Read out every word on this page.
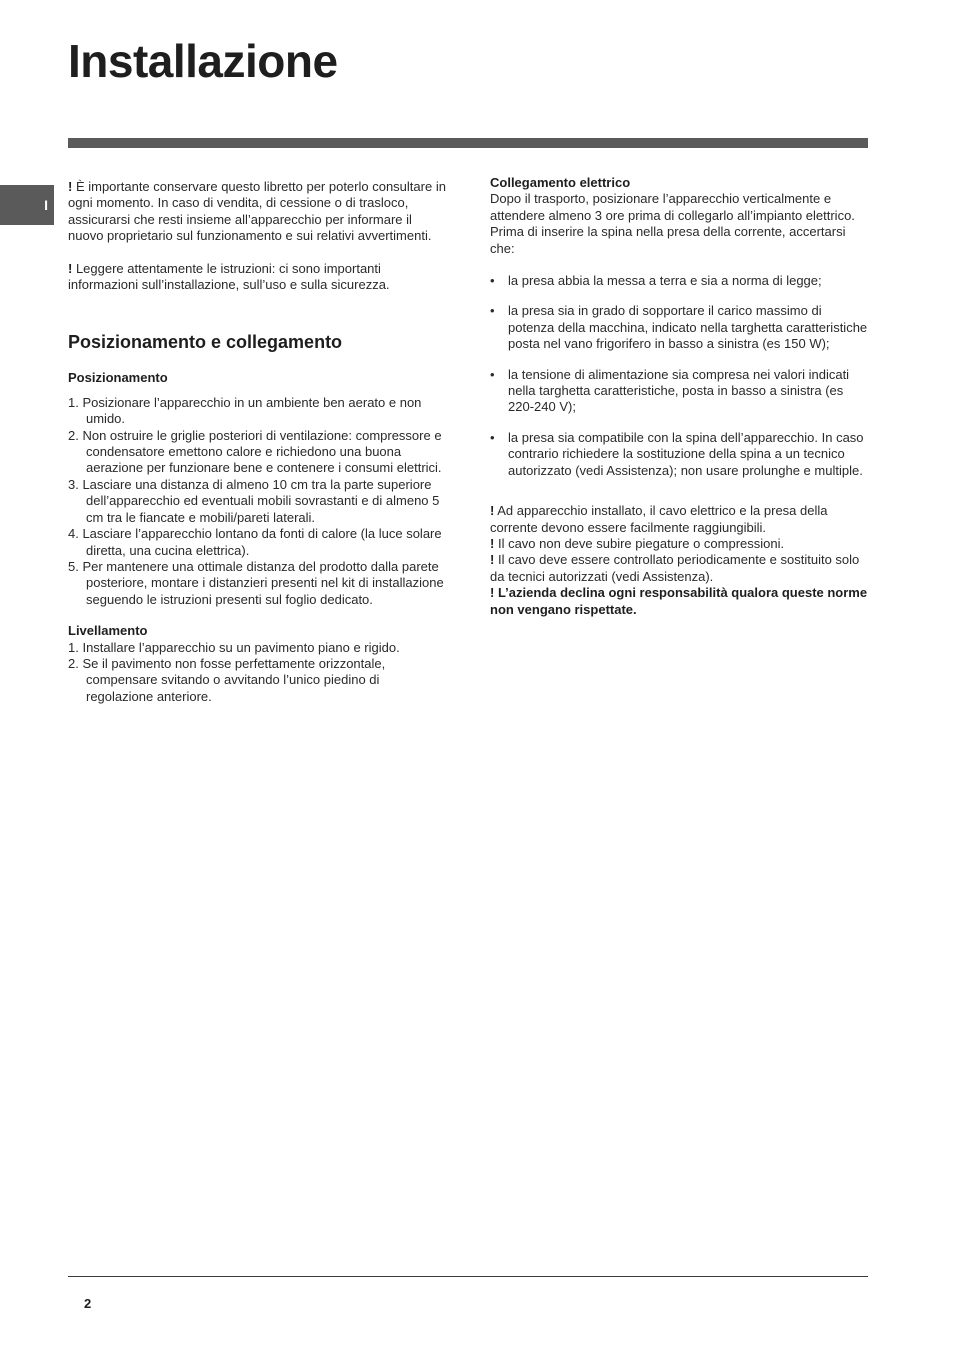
Installazione
I

! È importante conservare questo libretto per poterlo consultare in ogni momento. In caso di vendita, di cessione o di trasloco, assicurarsi che resti insieme all’apparecchio per informare il nuovo proprietario sul funzionamento e sui relativi avvertimenti.

! Leggere attentamente le istruzioni: ci sono importanti informazioni sull’installazione, sull’uso e sulla sicurezza.

Posizionamento e collegamento

Posizionamento

1. Posizionare l’apparecchio in un ambiente ben aerato e non umido.
2. Non ostruire le griglie posteriori di ventilazione: compressore e condensatore emettono calore e richiedono una buona aerazione per funzionare bene e contenere i consumi elettrici.
3. Lasciare una distanza di almeno 10 cm tra la parte superiore dell’apparecchio ed eventuali mobili sovrastanti e di almeno 5 cm tra le fiancate e mobili/pareti laterali.
4. Lasciare l’apparecchio lontano da fonti di calore (la luce solare diretta, una cucina elettrica).
5. Per mantenere una ottimale distanza del prodotto dalla parete posteriore, montare i distanzieri presenti nel kit di installazione seguendo le istruzioni presenti sul foglio dedicato.

Livellamento

1. Installare l’apparecchio su un pavimento piano e rigido.
2. Se il pavimento non fosse perfettamente orizzontale, compensare svitando o avvitando l’unico piedino di regolazione anteriore.

Collegamento elettrico

Dopo il trasporto, posizionare l’apparecchio verticalmente e attendere almeno 3 ore prima di collegarlo all’impianto elettrico. Prima di inserire la spina nella presa della corrente, accertarsi che:

• la presa abbia la messa a terra e sia a norma di legge;
• la presa sia in grado di sopportare il carico massimo di potenza della macchina, indicato nella targhetta caratteristiche posta nel vano frigorifero in basso a sinistra (es 150 W);
• la tensione di alimentazione sia compresa nei valori indicati nella targhetta caratteristiche, posta in basso a sinistra (es 220-240 V);
• la presa sia compatibile con la spina dell’apparecchio. In caso contrario richiedere la sostituzione della spina a un tecnico autorizzato (vedi Assistenza); non usare prolunghe e multiple.

! Ad apparecchio installato, il cavo elettrico e la presa della corrente devono essere facilmente raggiungibili.

! Il cavo non deve subire piegature o compressioni.

! Il cavo deve essere controllato periodicamente e sostituito solo da tecnici autorizzati (vedi Assistenza).

! L’azienda declina ogni responsabilità qualora queste norme non vengano rispettate.

2
